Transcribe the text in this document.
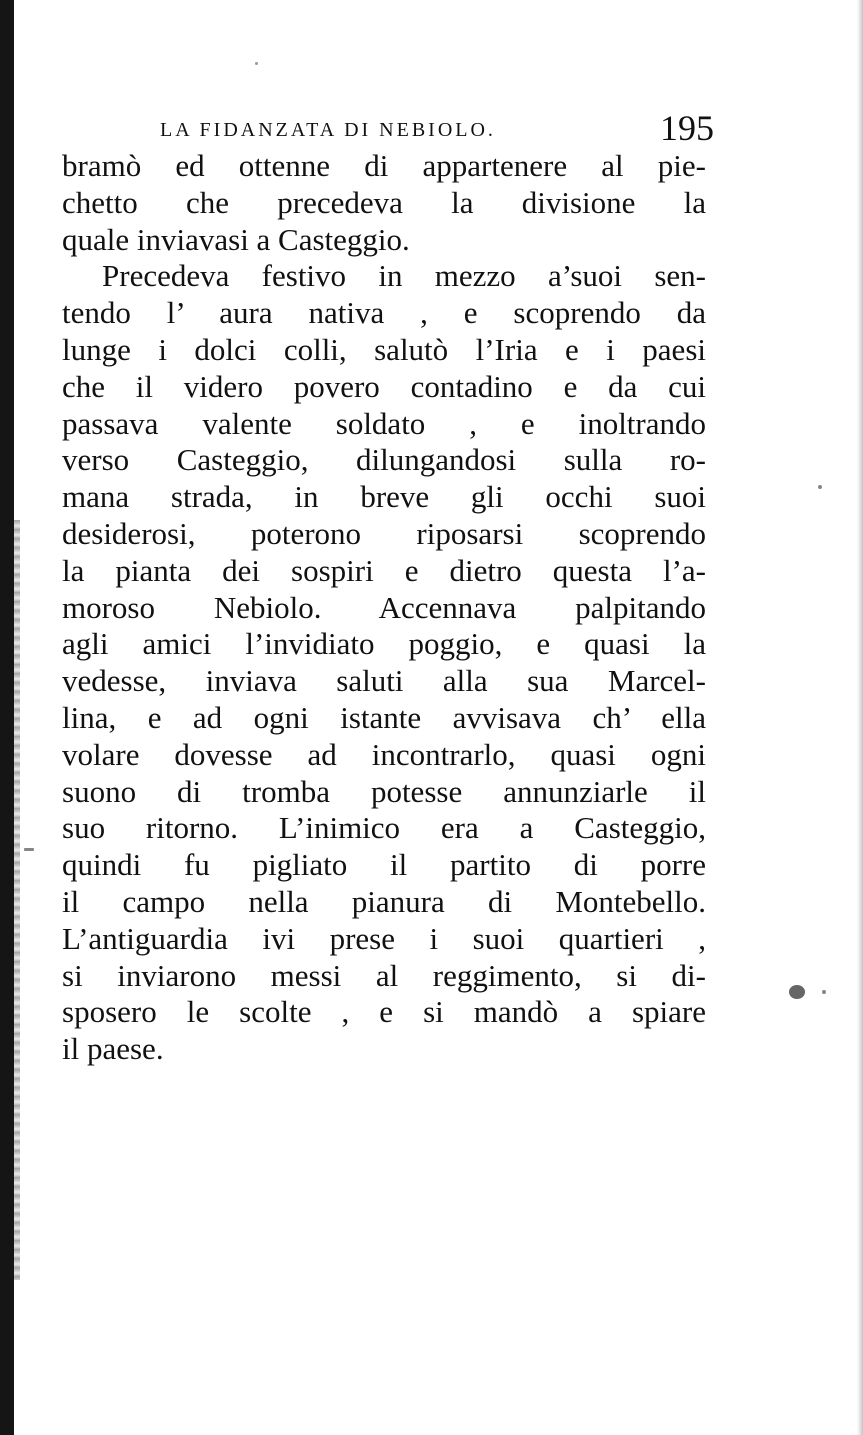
LA FIDANZATA DI NEBIOLO.	195
bramò ed ottenne di appartenere al pie-
chetto che precedeva la divisione la
quale inviavasi a Casteggio.
Precedeva festivo in mezzo a’suoi sen-
tendo l’ aura nativa , e scoprendo da
lunge i dolci colli, salutò l’Iria e i paesi
che il videro povero contadino e da cui
passava valente soldato , e inoltrando
verso Casteggio, dilungandosi sulla ro-
mana strada, in breve gli occhi suoi
desiderosi, poterono riposarsi scoprendo
la pianta dei sospiri e dietro questa l’a-
moroso Nebiolo. Accennava palpitando
agli amici l’invidiato poggio, e quasi la
vedesse, inviava saluti alla sua Marcel-
lina, e ad ogni istante avvisava ch’ ella
volare dovesse ad incontrarlo, quasi ogni
suono di tromba potesse annunziarle il
suo ritorno. L’inimico era a Casteggio,
quindi fu pigliato il partito di porre
il campo nella pianura di Montebello.
L’antiguardia ivi prese i suoi quartieri ,
si inviarono messi al reggimento, si di-
sposero le scolte , e si mandò a spiare
il paese.
